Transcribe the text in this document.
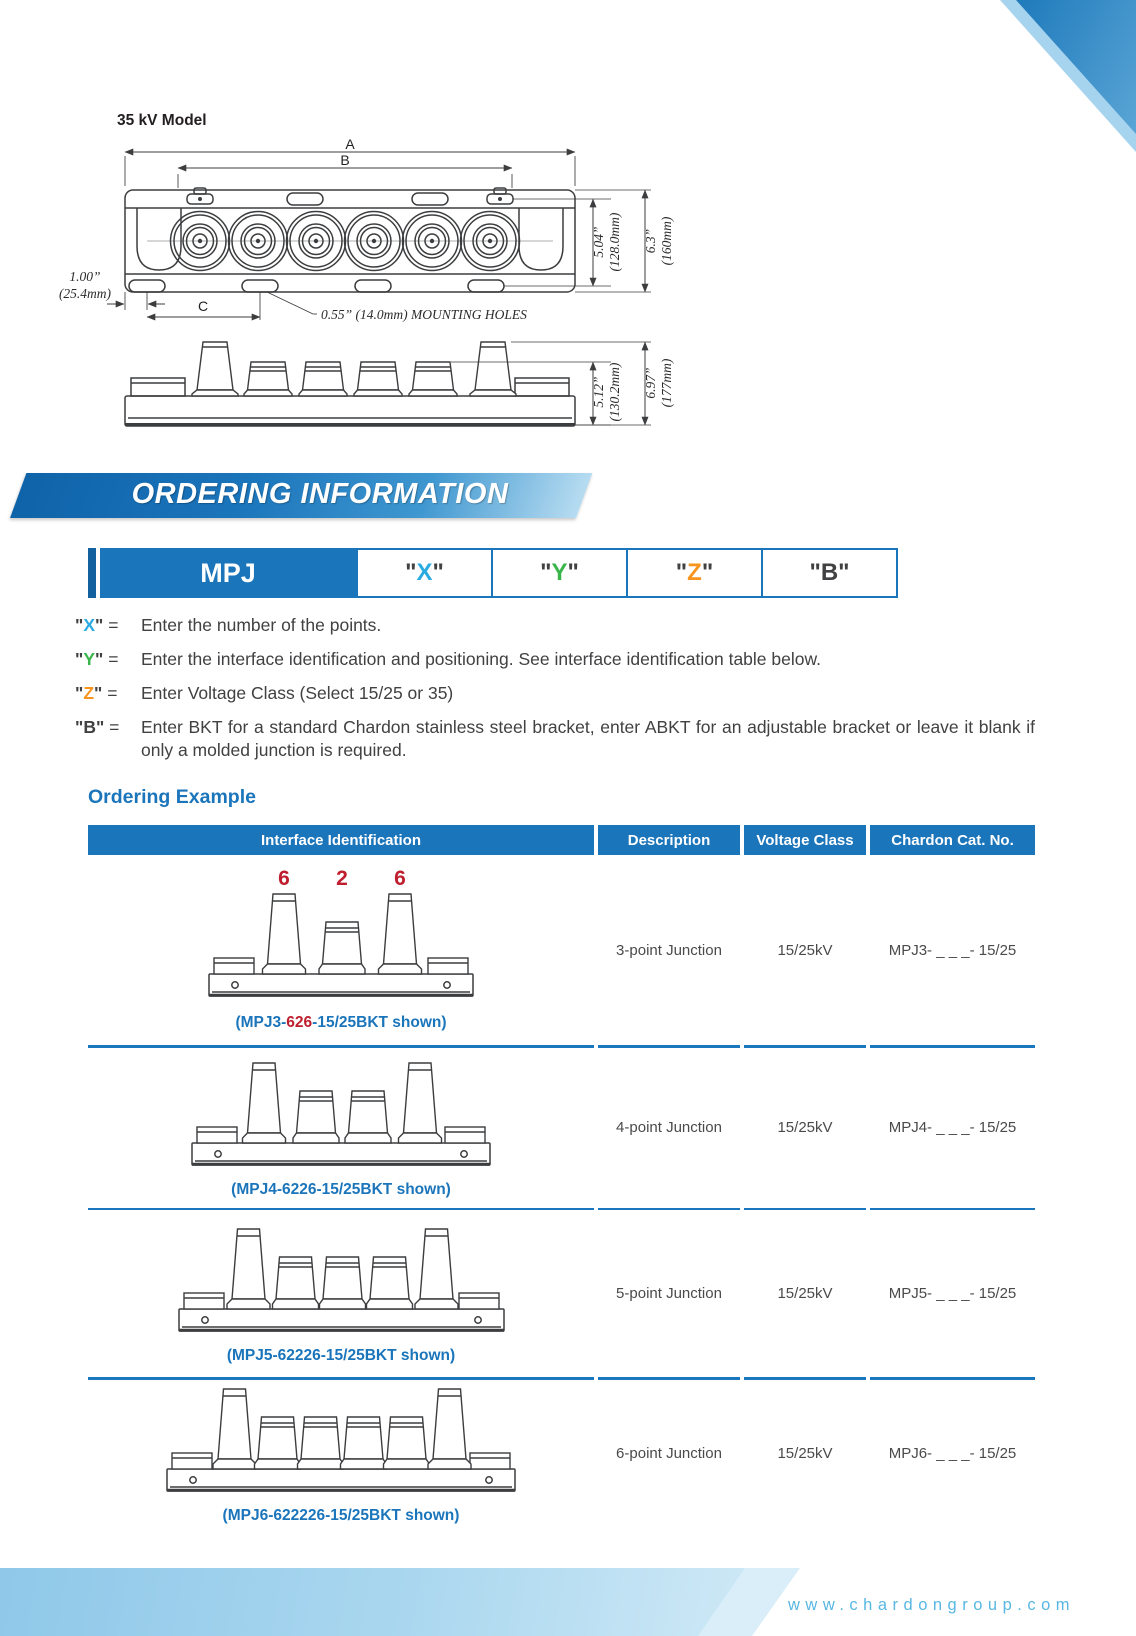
www.chardongroup.com
35 kV Model
A
B
C
1.00”
(25.4mm)
0.55” (14.0mm) MOUNTING HOLES
5.04” (128.0mm) 6.3” (160mm)
5.12” (130.2mm) 6.97” (177mm)
ORDERING INFORMATION
MPJ	" X "	" Y "	" Z "	" B "
"X" =	Enter the number of the points.
"Y" =	Enter the interface identification and positioning. See interface identification table below.
"Z" =	Enter Voltage Class (Select 15/25 or 35)
"B" =	Enter BKT for a standard Chardon stainless steel bracket, enter ABKT for an adjustable bracket or leave it blank if only a molded junction is required.
Ordering Example
Interface Identification	Description	Voltage Class	Chardon Cat. No.
6 2 6
(MPJ3-626-15/25BKT shown)
3-point Junction	15/25kV	MPJ3- _ _ _- 15/25
(MPJ4-6226-15/25BKT shown)
4-point Junction	15/25kV	MPJ4- _ _ _- 15/25
(MPJ5-62226-15/25BKT shown)
5-point Junction	15/25kV	MPJ5- _ _ _- 15/25
(MPJ6-622226-15/25BKT shown)
6-point Junction	15/25kV	MPJ6- _ _ _- 15/25
